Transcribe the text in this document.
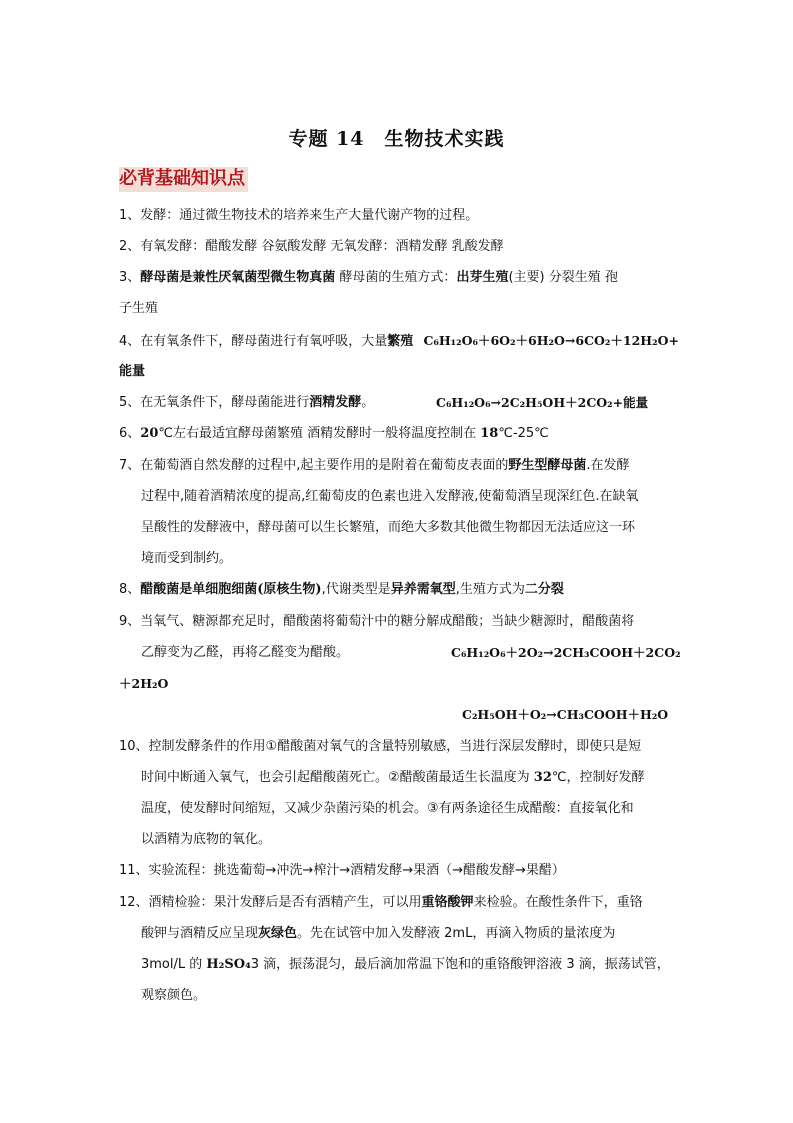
专题 14　生物技术实践
必背基础知识点
1、发酵：通过微生物技术的培养来生产大量代谢产物的过程。
2、有氧发酵：醋酸发酵 谷氨酸发酵 无氧发酵：酒精发酵 乳酸发酵
3、酵母菌是兼性厌氧菌型微生物真菌 酵母菌的生殖方式：出芽生殖(主要) 分裂生殖 孢
子生殖
4、在有氧条件下，酵母菌进行有氧呼吸，大量繁殖 C₆H₁₂O₆＋6O₂＋6H₂O→6CO₂＋12H₂O+
能量
5、在无氧条件下，酵母菌能进行酒精发酵。	C₆H₁₂O₆→2C₂H₅OH＋2CO₂+能量
6、20℃左右最适宜酵母菌繁殖 酒精发酵时一般将温度控制在 18℃-25℃
7、在葡萄酒自然发酵的过程中,起主要作用的是附着在葡萄皮表面的野生型酵母菌.在发酵
过程中,随着酒精浓度的提高,红葡萄皮的色素也进入发酵液,使葡萄酒呈现深红色.在缺氧
呈酸性的发酵液中，酵母菌可以生长繁殖，而绝大多数其他微生物都因无法适应这一环
境而受到制约。
8、醋酸菌是单细胞细菌(原核生物),代谢类型是异养需氧型,生殖方式为二分裂
9、当氧气、糖源都充足时，醋酸菌将葡萄汁中的糖分解成醋酸；当缺少糖源时，醋酸菌将
乙醇变为乙醛，再将乙醛变为醋酸。	C₆H₁₂O₆＋2O₂→2CH₃COOH＋2CO₂
＋2H₂O
C₂H₅OH＋O₂→CH₃COOH＋H₂O
10、控制发酵条件的作用①醋酸菌对氧气的含量特别敏感，当进行深层发酵时，即使只是短
时间中断通入氧气，也会引起醋酸菌死亡。②醋酸菌最适生长温度为 32℃，控制好发酵
温度，使发酵时间缩短，又减少杂菌污染的机会。③有两条途径生成醋酸：直接氧化和
以酒精为底物的氧化。
11、实验流程：挑选葡萄→冲洗→榨汁→酒精发酵→果酒（→醋酸发酵→果醋）
12、酒精检验：果汁发酵后是否有酒精产生，可以用重铬酸钾来检验。在酸性条件下，重铬
酸钾与酒精反应呈现灰绿色。先在试管中加入发酵液 2mL，再滴入物质的量浓度为
3mol/L 的 H₂SO₄3 滴，振荡混匀，最后滴加常温下饱和的重铬酸钾溶液 3 滴，振荡试管，
观察颜色。
